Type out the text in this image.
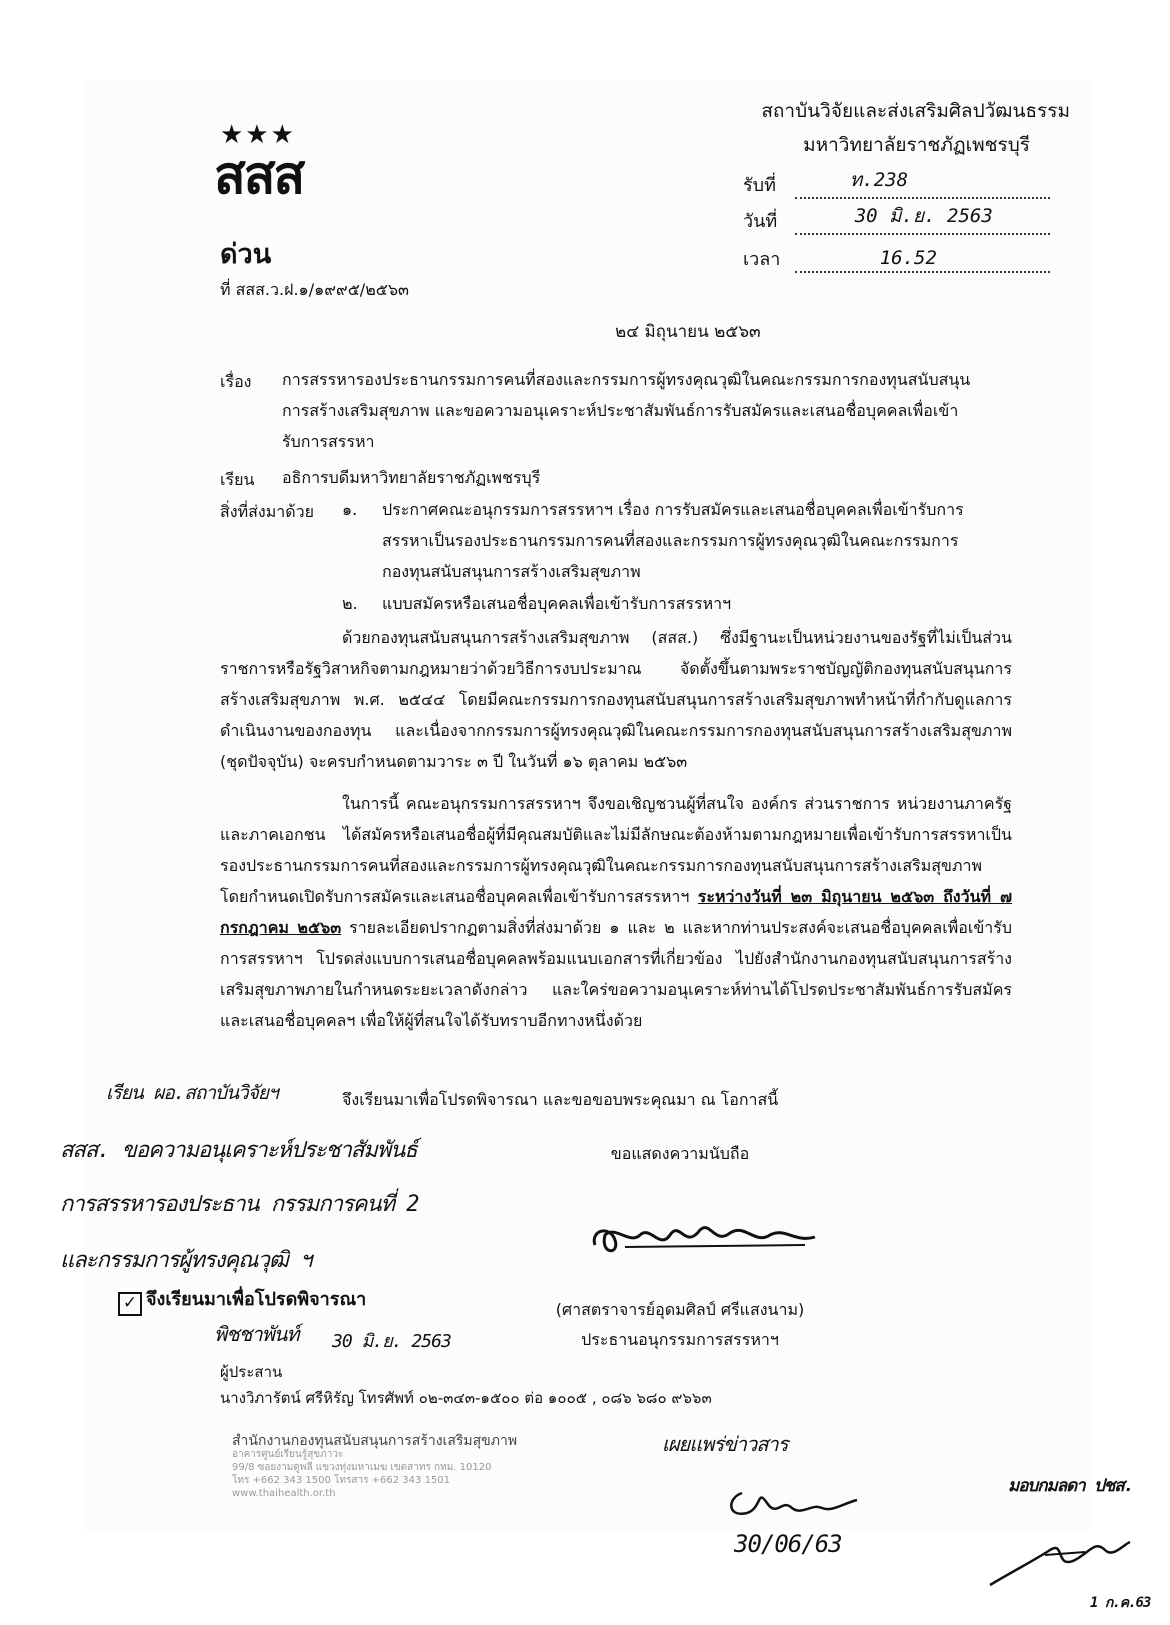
★★★
สสส
ด่วน
ที่ สสส.ว.ฝ.๑/๑๙๙๕/๒๕๖๓
สถาบันวิจัยและส่งเสริมศิลปวัฒนธรรม
มหาวิทยาลัยราชภัฏเพชรบุรี
รับที่	ท.238
วันที่	30 มิ.ย. 2563
เวลา	16.52
๒๔ มิถุนายน ๒๕๖๓
เรื่อง การสรรหารองประธานกรรมการคนที่สองและกรรมการผู้ทรงคุณวุฒิในคณะกรรมการกองทุนสนับสนุน
การสร้างเสริมสุขภาพ และขอความอนุเคราะห์ประชาสัมพันธ์การรับสมัครและเสนอชื่อบุคคลเพื่อเข้า
รับการสรรหา
เรียน อธิการบดีมหาวิทยาลัยราชภัฏเพชรบุรี
สิ่งที่ส่งมาด้วย ๑. ประกาศคณะอนุกรรมการสรรหาฯ เรื่อง การรับสมัครและเสนอชื่อบุคคลเพื่อเข้ารับการ
สรรหาเป็นรองประธานกรรมการคนที่สองและกรรมการผู้ทรงคุณวุฒิในคณะกรรมการ
กองทุนสนับสนุนการสร้างเสริมสุขภาพ
๒. แบบสมัครหรือเสนอชื่อบุคคลเพื่อเข้ารับการสรรหาฯ
ด้วยกองทุนสนับสนุนการสร้างเสริมสุขภาพ (สสส.) ซึ่งมีฐานะเป็นหน่วยงานของรัฐที่ไม่เป็นส่วนราชการหรือรัฐวิสาหกิจตามกฎหมายว่าด้วยวิธีการงบประมาณ จัดตั้งขึ้นตามพระราชบัญญัติกองทุนสนับสนุนการสร้างเสริมสุขภาพ พ.ศ. ๒๕๔๔ โดยมีคณะกรรมการกองทุนสนับสนุนการสร้างเสริมสุขภาพทำหน้าที่กำกับดูแลการดำเนินงานของกองทุน และเนื่องจากกรรมการผู้ทรงคุณวุฒิในคณะกรรมการกองทุนสนับสนุนการสร้างเสริมสุขภาพ (ชุดปัจจุบัน) จะครบกำหนดตามวาระ ๓ ปี ในวันที่ ๑๖ ตุลาคม ๒๕๖๓
ในการนี้ คณะอนุกรรมการสรรหาฯ จึงขอเชิญชวนผู้ที่สนใจ องค์กร ส่วนราชการ หน่วยงานภาครัฐและภาคเอกชน ได้สมัครหรือเสนอชื่อผู้ที่มีคุณสมบัติและไม่มีลักษณะต้องห้ามตามกฎหมายเพื่อเข้ารับการสรรหาเป็นรองประธานกรรมการคนที่สองและกรรมการผู้ทรงคุณวุฒิในคณะกรรมการกองทุนสนับสนุนการสร้างเสริมสุขภาพ โดยกำหนดเปิดรับการสมัครและเสนอชื่อบุคคลเพื่อเข้ารับการสรรหาฯ ระหว่างวันที่ ๒๓ มิถุนายน ๒๕๖๓ ถึงวันที่ ๗ กรกฎาคม ๒๕๖๓ รายละเอียดปรากฏตามสิ่งที่ส่งมาด้วย ๑ และ ๒ และหากท่านประสงค์จะเสนอชื่อบุคคลเพื่อเข้ารับการสรรหาฯ โปรดส่งแบบการเสนอชื่อบุคคลพร้อมแนบเอกสารที่เกี่ยวข้อง ไปยังสำนักงานกองทุนสนับสนุนการสร้างเสริมสุขภาพภายในกำหนดระยะเวลาดังกล่าว และใคร่ขอความอนุเคราะห์ท่านได้โปรดประชาสัมพันธ์การรับสมัครและเสนอชื่อบุคคลฯ เพื่อให้ผู้ที่สนใจได้รับทราบอีกทางหนึ่งด้วย
จึงเรียนมาเพื่อโปรดพิจารณา และขอขอบพระคุณมา ณ โอกาสนี้
ขอแสดงความนับถือ
(ศาสตราจารย์อุดมศิลป์ ศรีแสงนาม)
ประธานอนุกรรมการสรรหาฯ
ผู้ประสาน
นางวิภารัตน์ ศรีหิรัญ โทรศัพท์ ๐๒-๓๔๓-๑๕๐๐ ต่อ ๑๐๐๕ , ๐๘๖ ๖๘๐ ๙๖๖๓
สำนักงานกองทุนสนับสนุนการสร้างเสริมสุขภาพ
อาคารศูนย์เรียนรู้สุขภาวะ
99/8 ซอยงามดูพลี แขวงทุ่งมหาเมฆ เขตสาทร กทม. 10120
โทร +662 343 1500 โทรสาร +662 343 1501
www.thaihealth.or.th
เรียน ผอ.สถาบันวิจัยฯ
สสส. ขอความอนุเคราะห์ประชาสัมพันธ์
การสรรหารองประธาน กรรมการคนที่ 2
และกรรมการผู้ทรงคุณวุฒิ ฯ
✓ จึงเรียนมาเพื่อโปรดพิจารณา
พิชชาพันท์ 30 มิ.ย. 2563
เผยแพร่ข่าวสาร
30/06/63
มอบกมลดา ปชส.
1 ก.ค.63
